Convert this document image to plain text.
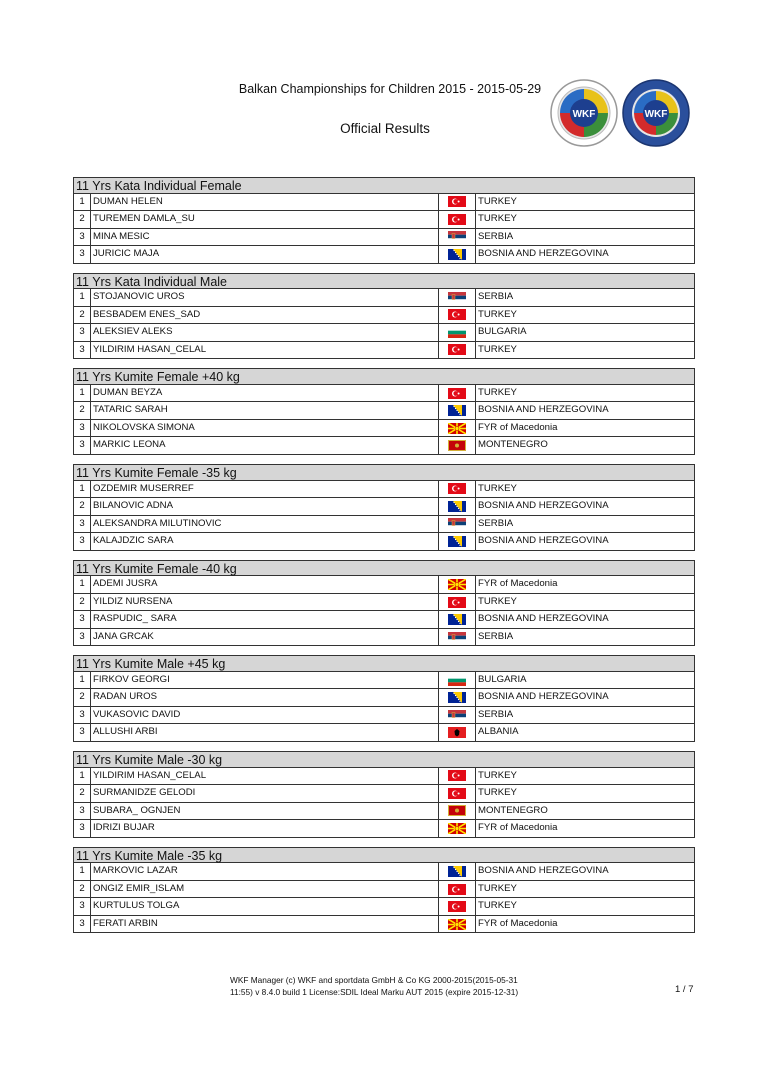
Balkan Championships for Children 2015 - 2015-05-29
Official Results
WKF	WKF
11 Yrs Kata Individual Female
1 DUMAN HELEN	TURKEY
2 TUREMEN DAMLA_SU	TURKEY
3 MINA MESIC	SERBIA
3 JURICIC MAJA	BOSNIA AND HERZEGOVINA
11 Yrs Kata Individual Male
1 STOJANOVIC UROS	SERBIA
2 BESBADEM ENES_SAD	TURKEY
3 ALEKSIEV ALEKS	BULGARIA
3 YILDIRIM HASAN_CELAL	TURKEY
11 Yrs Kumite Female +40 kg
1 DUMAN BEYZA	TURKEY
2 TATARIC SARAH	BOSNIA AND HERZEGOVINA
3 NIKOLOVSKA SIMONA	FYR of Macedonia
3 MARKIC LEONA	MONTENEGRO
11 Yrs Kumite Female -35 kg
1 OZDEMIR MUSERREF	TURKEY
2 BILANOVIC ADNA	BOSNIA AND HERZEGOVINA
3 ALEKSANDRA MILUTINOVIC	SERBIA
3 KALAJDZIC SARA	BOSNIA AND HERZEGOVINA
11 Yrs Kumite Female -40 kg
1 ADEMI JUSRA	FYR of Macedonia
2 YILDIZ NURSENA	TURKEY
3 RASPUDIC_ SARA	BOSNIA AND HERZEGOVINA
3 JANA GRCAK	SERBIA
11 Yrs Kumite Male +45 kg
1 FIRKOV GEORGI	BULGARIA
2 RADAN UROS	BOSNIA AND HERZEGOVINA
3 VUKASOVIC DAVID	SERBIA
3 ALLUSHI ARBI	ALBANIA
11 Yrs Kumite Male -30 kg
1 YILDIRIM HASAN_CELAL	TURKEY
2 SURMANIDZE GELODI	TURKEY
3 SUBARA_ OGNJEN	MONTENEGRO
3 IDRIZI BUJAR	FYR of Macedonia
11 Yrs Kumite Male -35 kg
1 MARKOVIC LAZAR	BOSNIA AND HERZEGOVINA
2 ONGIZ EMIR_ISLAM	TURKEY
3 KURTULUS TOLGA	TURKEY
3 FERATI ARBIN	FYR of Macedonia
WKF Manager (c) WKF and sportdata GmbH & Co KG 2000-2015(2015-05-31
11:55) v 8.4.0 build 1 License:SDIL Ideal Marku AUT 2015 (expire 2015-12-31)	1 / 7
